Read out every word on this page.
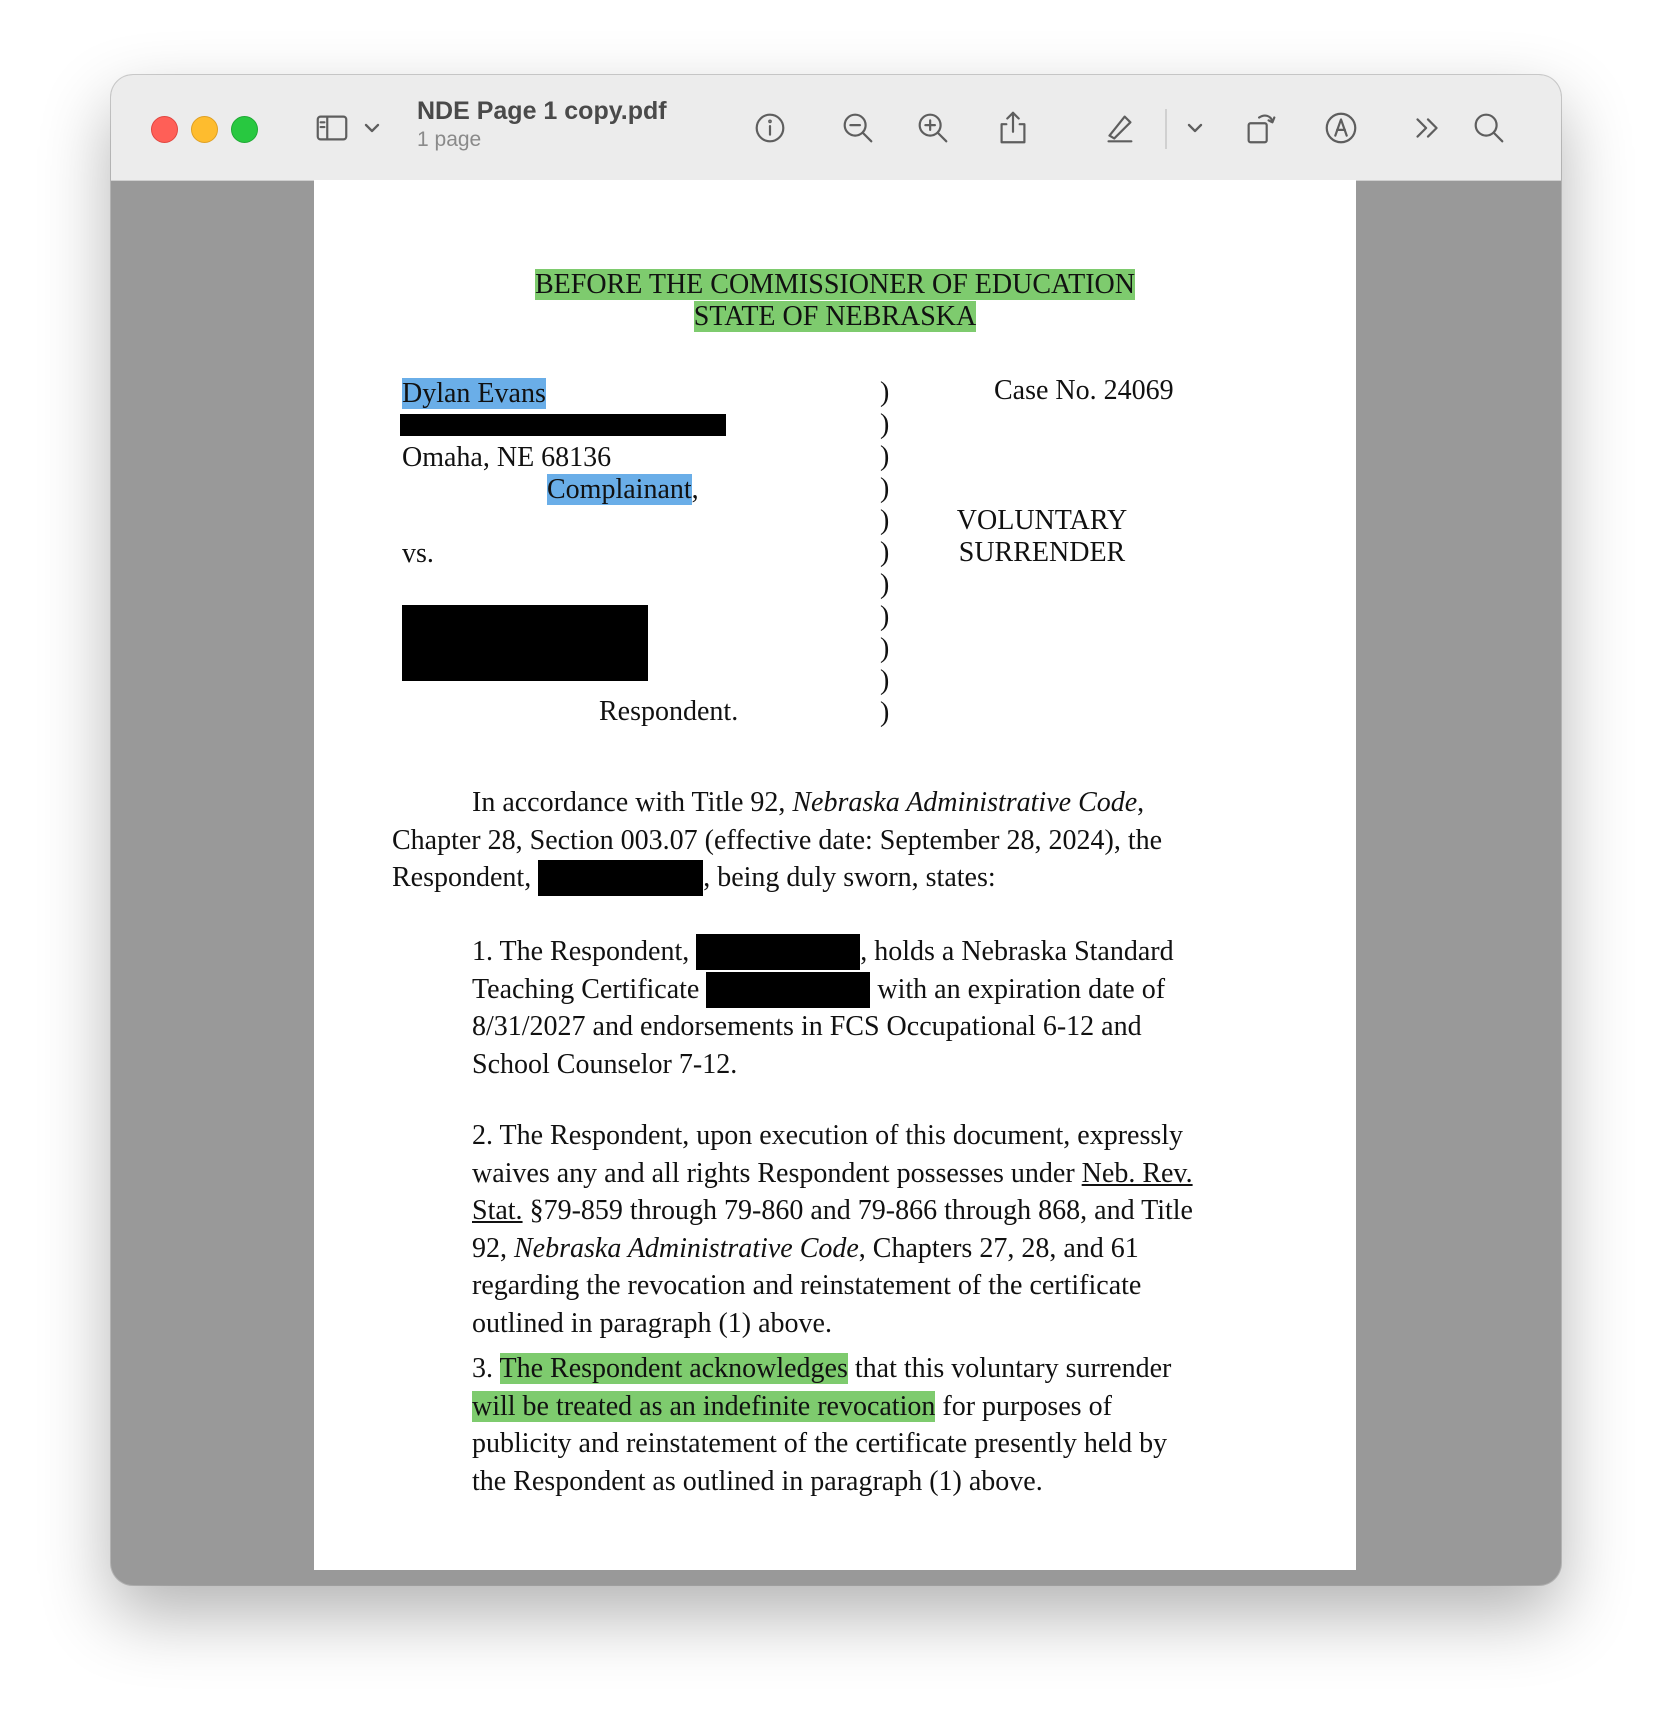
NDE Page 1 copy.pdf
1 page
BEFORE THE COMMISSIONER OF EDUCATION
STATE OF NEBRASKA
Dylan Evans
Omaha, NE 68136
Complainant,
vs.
Respondent.
)
)
)
)
)
)
)
)
)
)
)
Case No. 24069
VOLUNTARY
SURRENDER
In accordance with Title 92, Nebraska Administrative Code,
Chapter 28, Section 003.07 (effective date: September 28, 2024), the
Respondent,	, being duly sworn, states:
1. The Respondent,	, holds a Nebraska Standard
Teaching Certificate	with an expiration date of
8/31/2027 and endorsements in FCS Occupational 6-12 and
School Counselor 7-12.
2. The Respondent, upon execution of this document, expressly
waives any and all rights Respondent possesses under Neb. Rev.
Stat. §79-859 through 79-860 and 79-866 through 868, and Title
92, Nebraska Administrative Code, Chapters 27, 28, and 61
regarding the revocation and reinstatement of the certificate
outlined in paragraph (1) above.
3. The Respondent acknowledges that this voluntary surrender
will be treated as an indefinite revocation for purposes of
publicity and reinstatement of the certificate presently held by
the Respondent as outlined in paragraph (1) above.
